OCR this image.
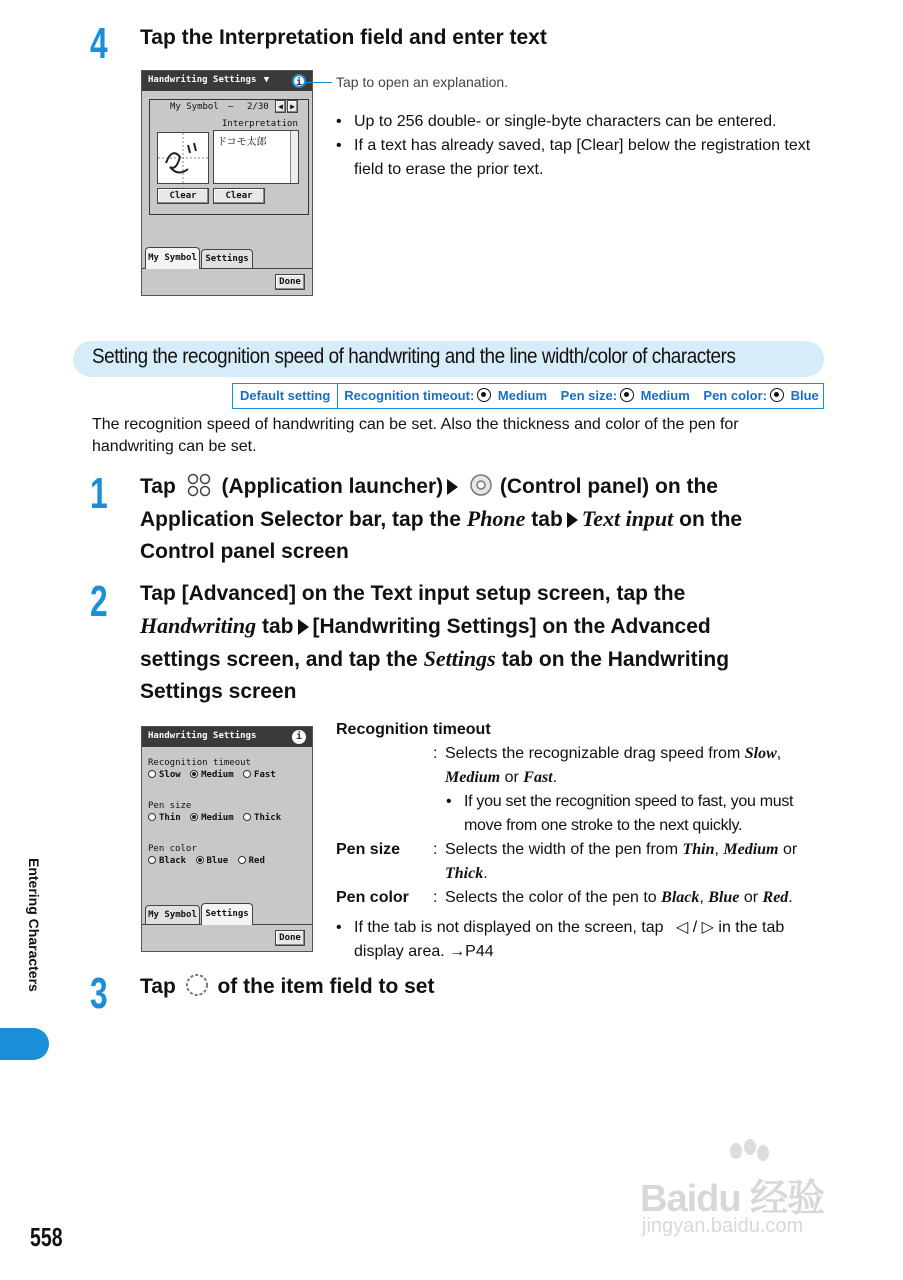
4 Tap the Interpretation field and enter text
Handwriting Settings ▼	i
My Symbol — 2/30	◀ ▶
Interpretation
ドコモ太郎
Clear	Clear
My Symbol Settings
Done
Tap to open an explanation.
• Up to 256 double- or single-byte characters can be entered.
• If a text has already saved, tap [Clear] below the registration text field to erase the prior text.
Setting the recognition speed of handwriting and the line width/color of characters
Default setting	Recognition timeout: Medium Pen size: Medium Pen color: Blue
The recognition speed of handwriting can be set. Also the thickness and color of the pen for handwriting can be set.
1 Tap (Application launcher)	(Control panel) on the
Application Selector bar, tap the Phone tab Text input on the
Control panel screen
2 Tap [Advanced] on the Text input setup screen, tap the
Handwriting tab [Handwriting Settings] on the Advanced
settings screen, and tap the Settings tab on the Handwriting
Settings screen
Handwriting Settings	i
Recognition timeout
Slow Medium Fast
Pen size
Thin Medium Thick
Pen color
Black Blue Red
My Symbol Settings
Done
Recognition timeout
: Selects the recognizable drag speed from Slow, Medium or Fast.
• If you set the recognition speed to fast, you must move from one stroke to the next quickly.
Pen size : Selects the width of the pen from Thin, Medium or Thick.
Pen color : Selects the color of the pen to Black, Blue or Red.
• If the tab is not displayed on the screen, tap ◁ / ▷ in the tab display area. →P44
3 Tap of the item field to set
Entering Characters
558
Baidu 经验
jingyan.baidu.com
